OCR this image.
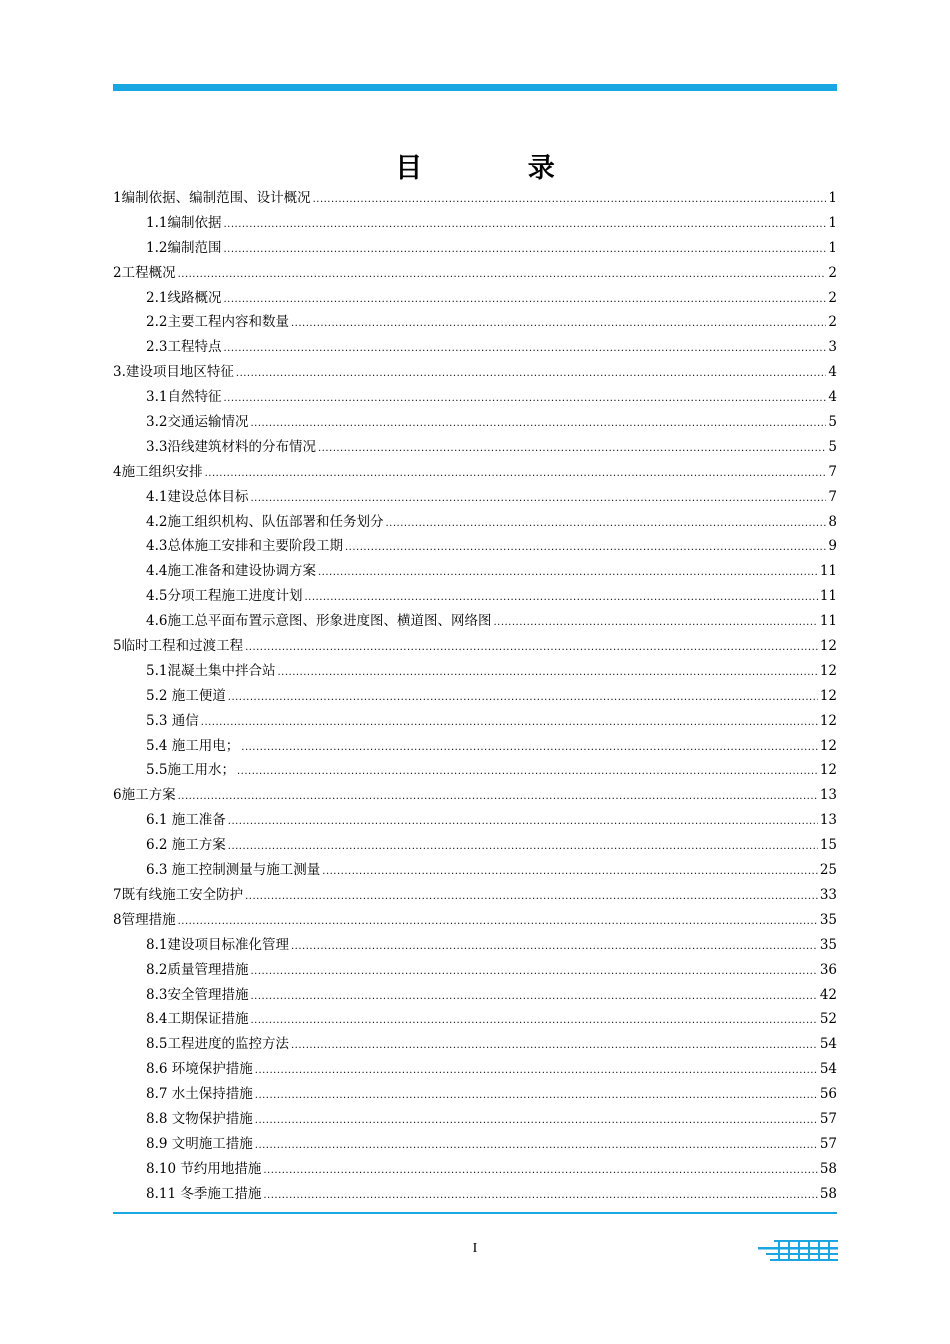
目 录
1编制依据、编制范围、设计概况 .....	1
1.1编制依据 .....	1
1.2编制范围 .....	1
2工程概况 .....	2
2.1线路概况 .....	2
2.2主要工程内容和数量 .....	2
2.3工程特点 .....	3
3.建设项目地区特征 .....	4
3.1自然特征 .....	4
3.2交通运输情况 .....	5
3.3沿线建筑材料的分布情况 .....	5
4施工组织安排 .....	7
4.1建设总体目标 .....	7
4.2施工组织机构、队伍部署和任务划分 .....	8
4.3总体施工安排和主要阶段工期 .....	9
4.4施工准备和建设协调方案 .....	11
4.5分项工程施工进度计划 .....	11
4.6施工总平面布置示意图、形象进度图、横道图、网络图 .....	11
5临时工程和过渡工程 .....	12
5.1混凝土集中拌合站 .....	12
5.2 施工便道 .....	12
5.3 通信 .....	12
5.4 施工用电； .....	12
5.5施工用水； .....	12
6施工方案 .....	13
6.1 施工准备 .....	13
6.2 施工方案 .....	15
6.3 施工控制测量与施工测量 .....	25
7既有线施工安全防护 .....	33
8管理措施 .....	35
8.1建设项目标准化管理 .....	35
8.2质量管理措施 .....	36
8.3安全管理措施 .....	42
8.4工期保证措施 .....	52
8.5工程进度的监控方法 .....	54
8.6 环境保护措施 .....	54
8.7 水土保持措施 .....	56
8.8 文物保护措施 .....	57
8.9 文明施工措施 .....	57
8.10 节约用地措施 .....	58
8.11 冬季施工措施 .....	58
I
